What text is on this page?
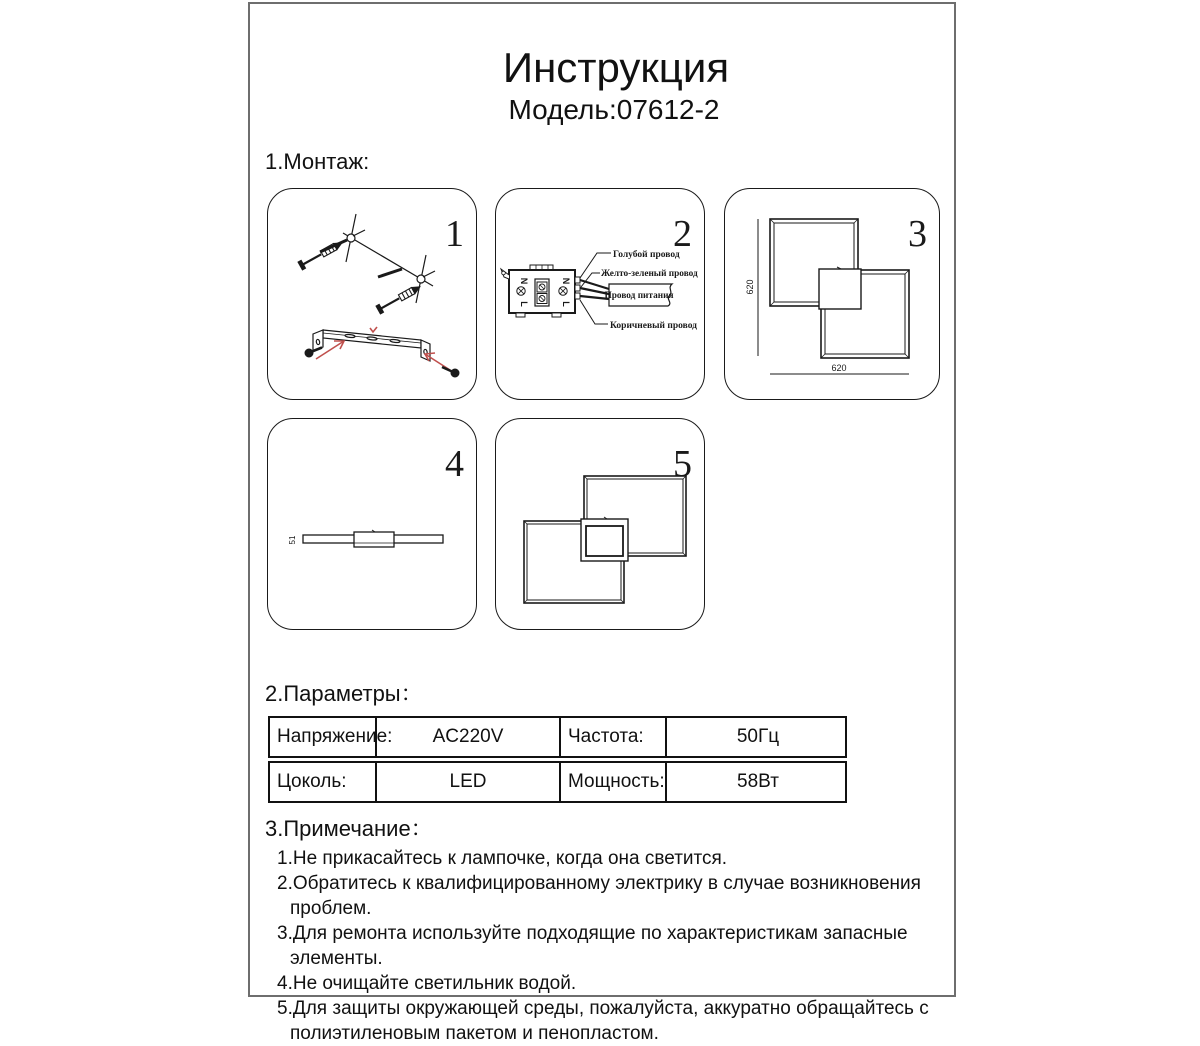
Инструкция
Модель:07612-2
1.Монтаж:
1	2
N
L
N
L
Провод питания
Голубой провод
Желто-зеленый провод
Коричневый провод
3
620
620
4
51
5
2.Параметры：
Напряжение:	AC220V	Частота:	50Гц
Цоколь:	LED	Мощность:	58Вт
3.Примечание：
1.Не прикасайтесь к лампочке, когда она светится.
2.Обратитесь к квалифицированному электрику в случае возникновения проблем.
3.Для ремонта используйте подходящие по характеристикам запасные элементы.
4.Не очищайте светильник водой.
5.Для защиты окружающей среды, пожалуйста, аккуратно обращайтесь с полиэтиленовым пакетом и пенопластом.
